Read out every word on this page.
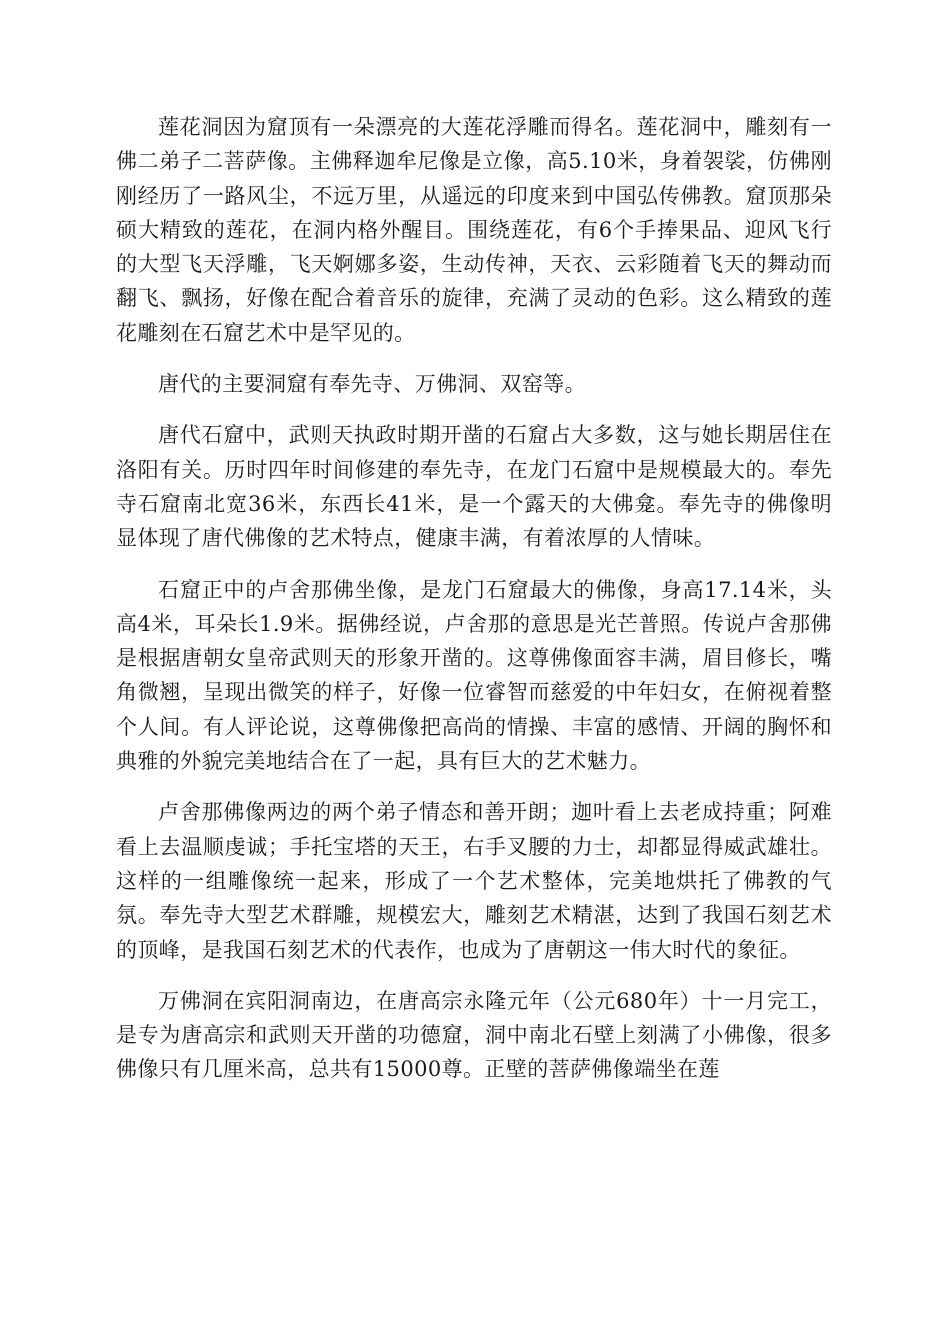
莲花洞因为窟顶有一朵漂亮的大莲花浮雕而得名。莲花洞中，雕刻有一佛二弟子二菩萨像。主佛释迦牟尼像是立像，高5.10米，身着袈裟，仿佛刚刚经历了一路风尘，不远万里，从遥远的印度来到中国弘传佛教。窟顶那朵硕大精致的莲花，在洞内格外醒目。围绕莲花，有6个手捧果品、迎风飞行的大型飞天浮雕，飞天婀娜多姿，生动传神，天衣、云彩随着飞天的舞动而翻飞、飘扬，好像在配合着音乐的旋律，充满了灵动的色彩。这么精致的莲花雕刻在石窟艺术中是罕见的。

唐代的主要洞窟有奉先寺、万佛洞、双窑等。

唐代石窟中，武则天执政时期开凿的石窟占大多数，这与她长期居住在洛阳有关。历时四年时间修建的奉先寺，在龙门石窟中是规模最大的。奉先寺石窟南北宽36米，东西长41米，是一个露天的大佛龛。奉先寺的佛像明显体现了唐代佛像的艺术特点，健康丰满，有着浓厚的人情味。

石窟正中的卢舍那佛坐像，是龙门石窟最大的佛像，身高17.14米，头高4米，耳朵长1.9米。据佛经说，卢舍那的意思是光芒普照。传说卢舍那佛是根据唐朝女皇帝武则天的形象开凿的。这尊佛像面容丰满，眉目修长，嘴角微翘，呈现出微笑的样子，好像一位睿智而慈爱的中年妇女，在俯视着整个人间。有人评论说，这尊佛像把高尚的情操、丰富的感情、开阔的胸怀和典雅的外貌完美地结合在了一起，具有巨大的艺术魅力。

卢舍那佛像两边的两个弟子情态和善开朗；迦叶看上去老成持重；阿难看上去温顺虔诚；手托宝塔的天王，右手叉腰的力士，却都显得威武雄壮。这样的一组雕像统一起来，形成了一个艺术整体，完美地烘托了佛教的气氛。奉先寺大型艺术群雕，规模宏大，雕刻艺术精湛，达到了我国石刻艺术的顶峰，是我国石刻艺术的代表作，也成为了唐朝这一伟大时代的象征。

万佛洞在宾阳洞南边，在唐高宗永隆元年（公元680年）十一月完工，是专为唐高宗和武则天开凿的功德窟，洞中南北石壁上刻满了小佛像，很多佛像只有几厘米高，总共有15000尊。正壁的菩萨佛像端坐在莲
